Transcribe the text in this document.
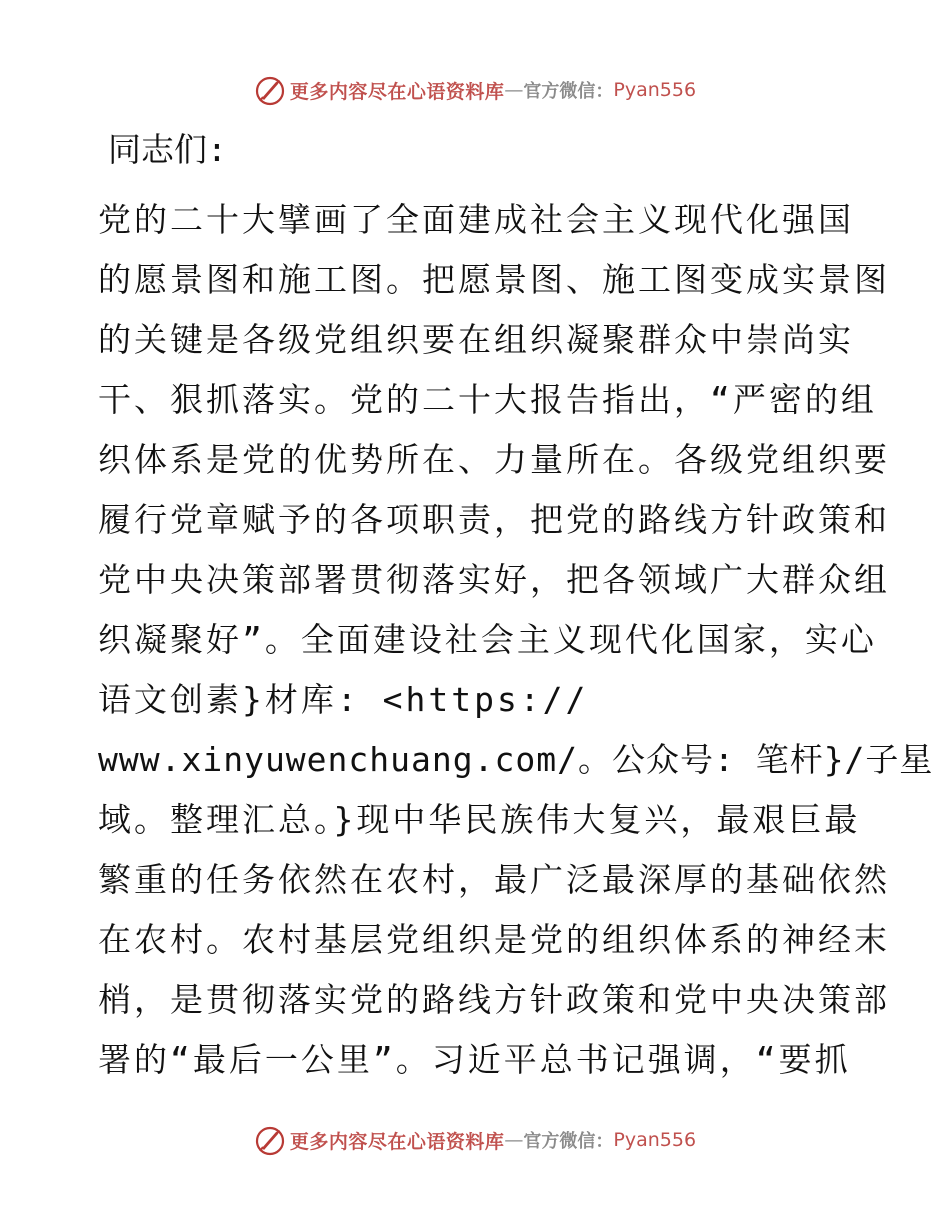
更多内容尽在心语资料库 — 官方微信： Pyan556
同志们:
党的二十大擘画了全面建成社会主义现代化强国
的愿景图和施工图。把愿景图、施工图变成实景图
的关键是各级党组织要在组织凝聚群众中崇尚实
干、狠抓落实。党的二十大报告指出，“严密的组
织体系是党的优势所在、力量所在。各级党组织要
履行党章赋予的各项职责，把党的路线方针政策和
党中央决策部署贯彻落实好，把各领域广大群众组
织凝聚好”。全面建设社会主义现代化国家，实心
语文创素}材库: <https://
www.xinyuwenchuang.com/。公众号: 笔杆}/子星
域。整理汇总。}现中华民族伟大复兴，最艰巨最
繁重的任务依然在农村，最广泛最深厚的基础依然
在农村。农村基层党组织是党的组织体系的神经末
梢，是贯彻落实党的路线方针政策和党中央决策部
署的“最后一公里”。习近平总书记强调，“要抓
更多内容尽在心语资料库 — 官方微信： Pyan556
